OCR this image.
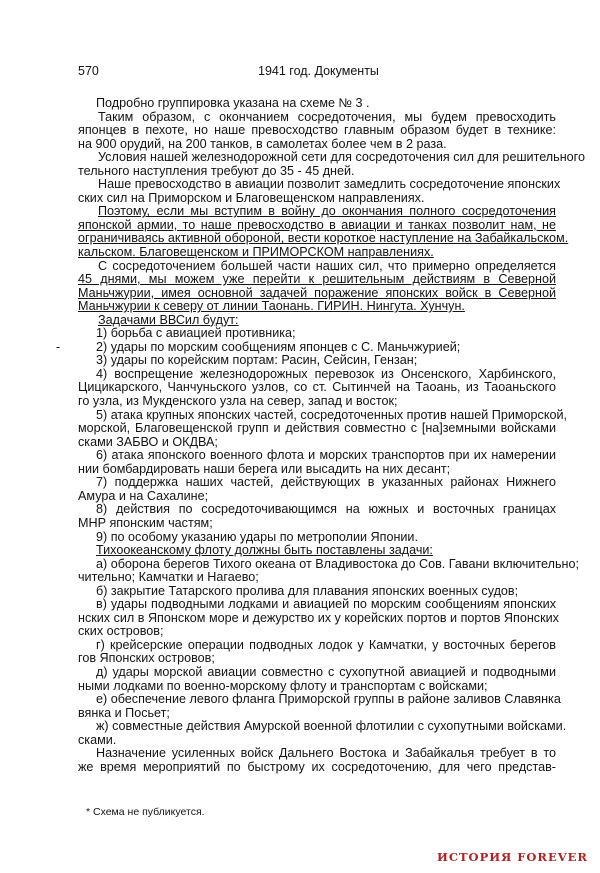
570	1941 год. Документы
Подробно группировка указана на схеме № 3 .
Таким образом, с окончанием сосредоточения, мы будем превосходить
японцев в пехоте, но наше превосходство главным образом будет в технике:
на 900 орудий, на 200 танков, в самолетах более чем в 2 раза.
Условия нашей железнодорожной сети для сосредоточения сил для решительного
тельного наступления требуют до 35 - 45 дней.
Наше превосходство в авиации позволит замедлить сосредоточение японских
ских сил на Приморском и Благовещенском направлениях.
Поэтому, если мы вступим в войну до окончания полного сосредоточения
японской армии, то наше превосходство в авиации и танках позволит нам, не
ограничиваясь активной обороной, вести короткое наступление на Забайкальском.
кальском. Благовещенском и ПРИМОРСКОМ направлениях.
С сосредоточением большей части наших сил, что примерно определяется
45 днями, мы можем уже перейти к решительным действиям в Северной
Маньчжурии, имея основной задачей поражение японских войск в Северной
Маньчжурии к северу от линии Таонань. ГИРИН. Нингута. Хунчун.
Задачами ВВСил будут:
1) борьба с авиацией противника;
-	2) удары по морским сообщениям японцев с С. Маньчжурией;
3) удары по корейским портам: Расин, Сейсин, Гензан;
4) воспрещение железнодорожных перевозок из Онсенского, Харбинского,
Цицикарского, Чанчуньского узлов, со ст. Сытинчей на Таоань, из Таоаньского
го узла, из Мукденского узла на север, запад и восток;
5) атака крупных японских частей, сосредоточенных против нашей Приморской,
морской, Благовещенской групп и действия совместно с [на]земными войсками
сками ЗАБВО и ОКДВА;
6) атака японского военного флота и морских транспортов при их намерении
нии бомбардировать наши берега или высадить на них десант;
7) поддержка наших частей, действующих в указанных районах Нижнего
Амура и на Сахалине;
8) действия по сосредоточивающимся на южных и восточных границах
МНР японским частям;
9) по особому указанию удары по метрополии Японии.
Тихоокеанскому флоту должны быть поставлены задачи:
а) оборона берегов Тихого океана от Владивостока до Сов. Гавани включительно;
чительно; Камчатки и Нагаево;
б) закрытие Татарского пролива для плавания японских военных судов;
в) удары подводными лодками и авиацией по морским сообщениям японских
нских сил в Японском море и дежурство их у корейских портов и портов Японских
ских островов;
г) крейсерские операции подводных лодок у Камчатки, у восточных берегов
гов Японских островов;
д) удары морской авиации совместно с сухопутной авиацией и подводными
ными лодками по военно-морскому флоту и транспортам с войсками;
е) обеспечение левого фланга Приморской группы в районе заливов Славянка
вянка и Посьет;
ж) совместные действия Амурской военной флотилии с сухопутными войсками.
сками.
Назначение усиленных войск Дальнего Востока и Забайкалья требует в то
же время мероприятий по быстрому их сосредоточению, для чего представ-
* Схема не публикуется.
ИСТОРИЯ FOREVER
